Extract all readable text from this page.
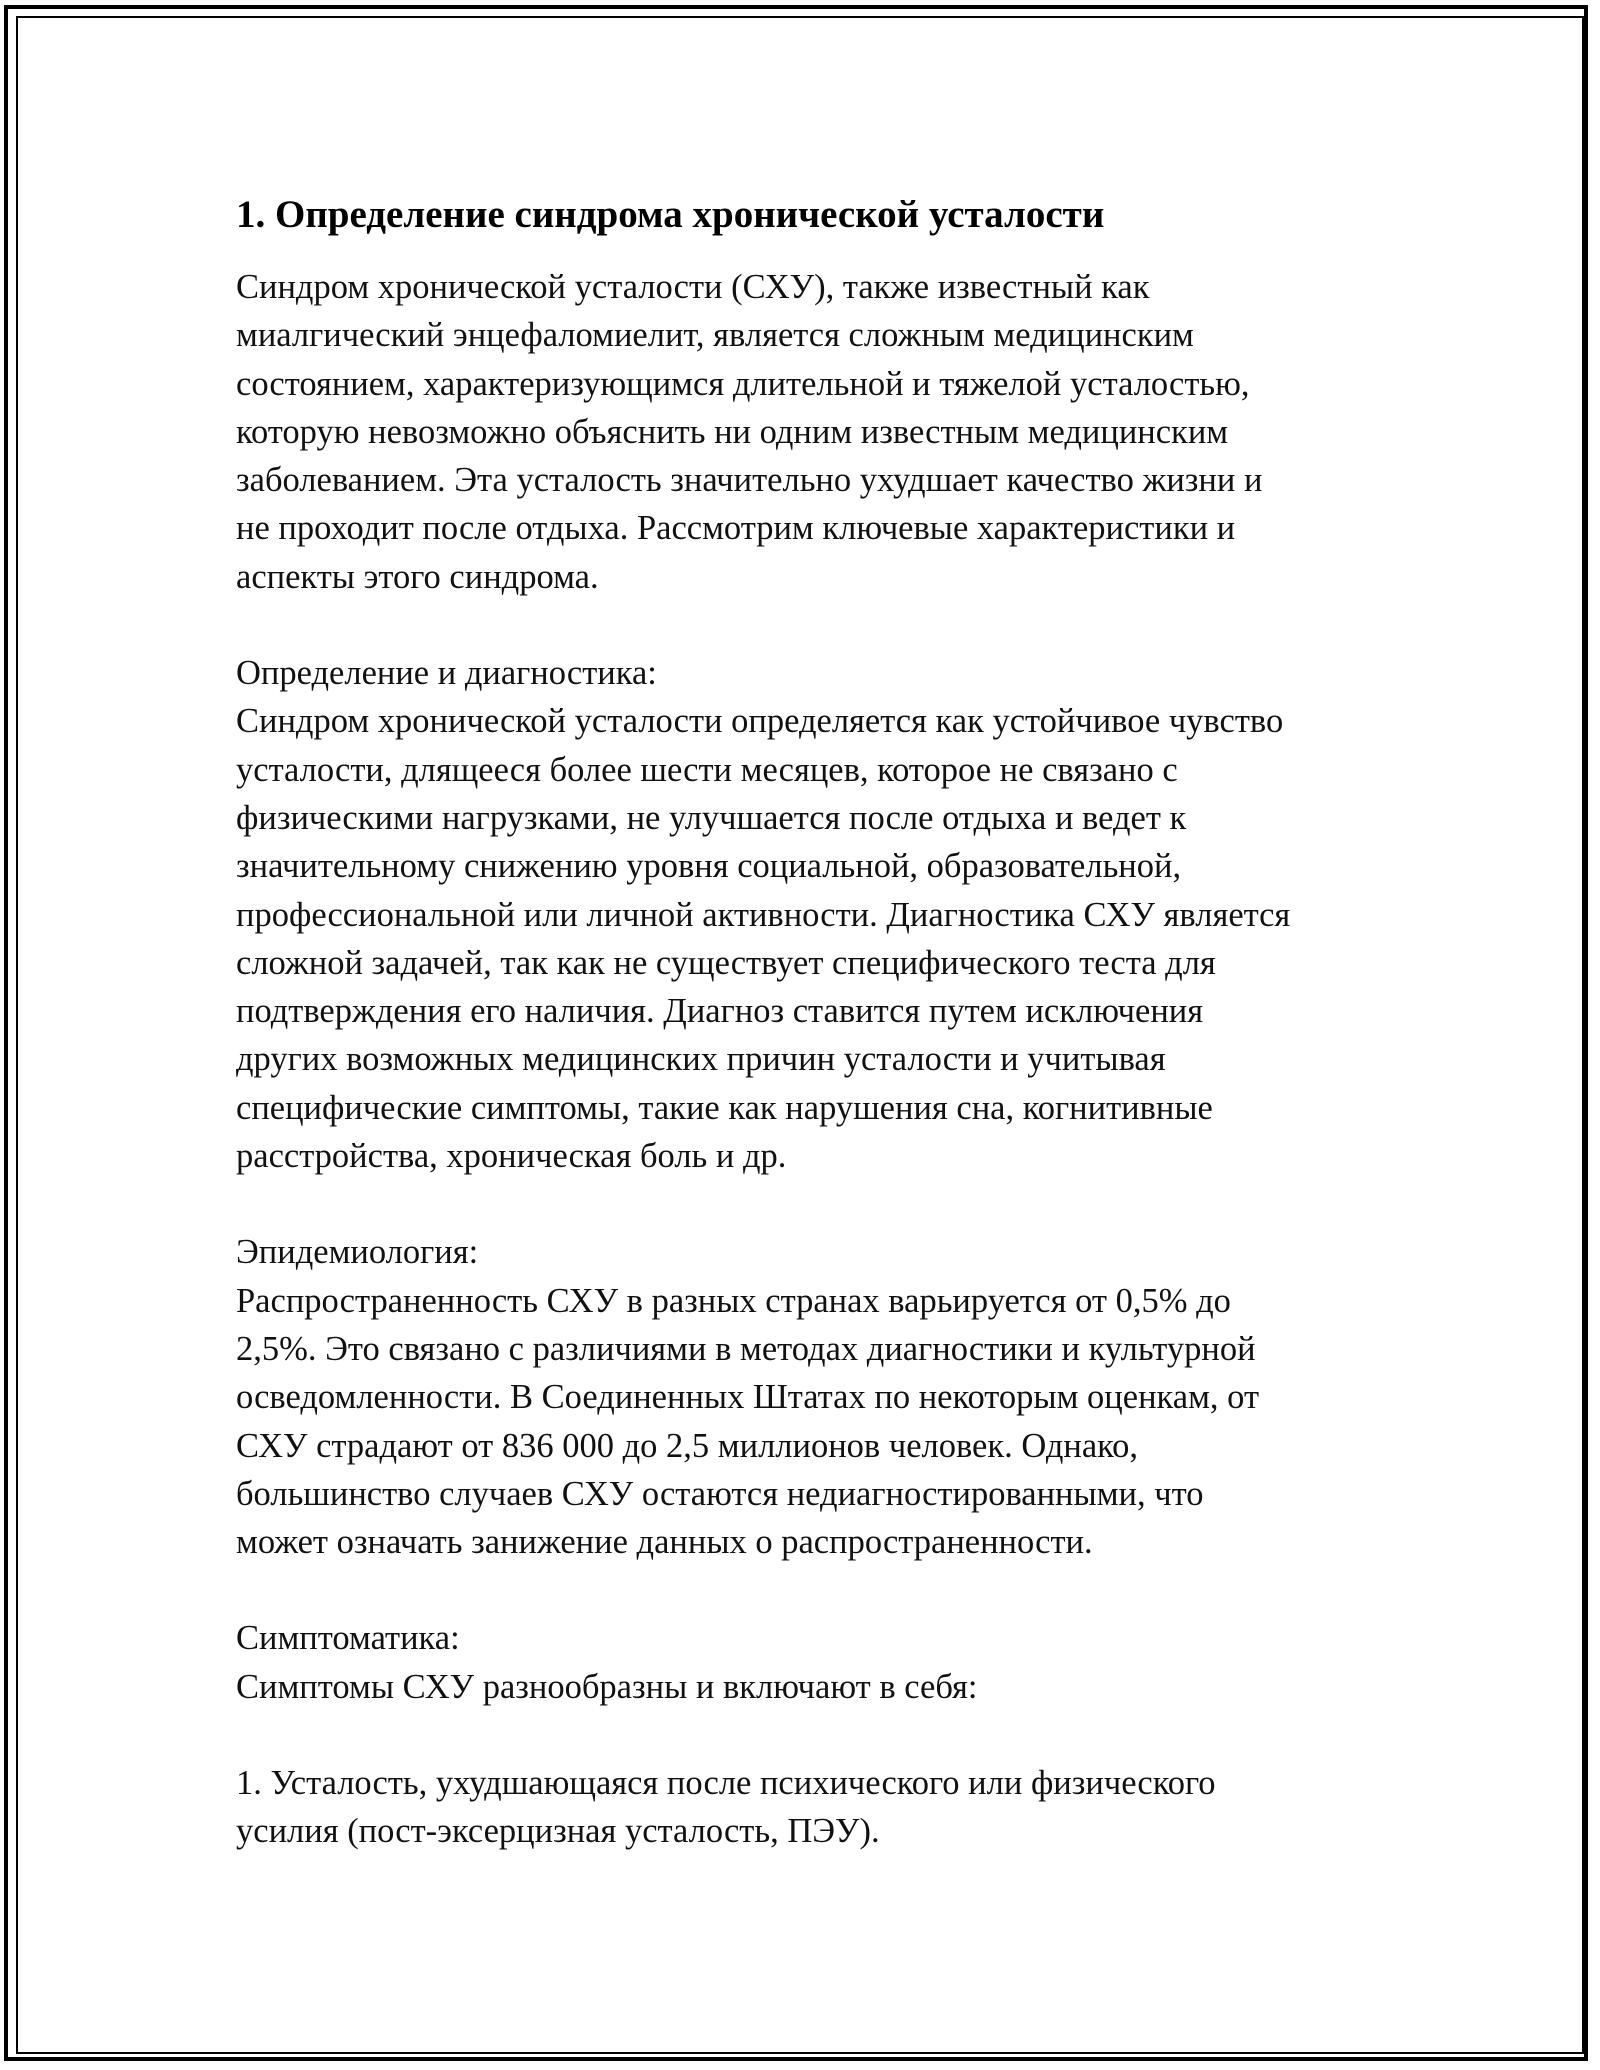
1. Определение синдрома хронической усталости

Синдром хронической усталости (СХУ), также известный как
миалгический энцефаломиелит, является сложным медицинским
состоянием, характеризующимся длительной и тяжелой усталостью,
которую невозможно объяснить ни одним известным медицинским
заболеванием. Эта усталость значительно ухудшает качество жизни и
не проходит после отдыха. Рассмотрим ключевые характеристики и
аспекты этого синдрома.

Определение и диагностика:

Синдром хронической усталости определяется как устойчивое чувство
усталости, длящееся более шести месяцев, которое не связано с
физическими нагрузками, не улучшается после отдыха и ведет к
значительному снижению уровня социальной, образовательной,
профессиональной или личной активности. Диагностика СХУ является
сложной задачей, так как не существует специфического теста для
подтверждения его наличия. Диагноз ставится путем исключения
других возможных медицинских причин усталости и учитывая
специфические симптомы, такие как нарушения сна, когнитивные
расстройства, хроническая боль и др.

Эпидемиология:

Распространенность СХУ в разных странах варьируется от 0,5% до
2,5%. Это связано с различиями в методах диагностики и культурной
осведомленности. В Соединенных Штатах по некоторым оценкам, от
СХУ страдают от 836 000 до 2,5 миллионов человек. Однако,
большинство случаев СХУ остаются недиагностированными, что
может означать занижение данных о распространенности.

Симптоматика:

Симптомы СХУ разнообразны и включают в себя:

1. Усталость, ухудшающаяся после психического или физического
усилия (пост-эксерцизная усталость, ПЭУ).
